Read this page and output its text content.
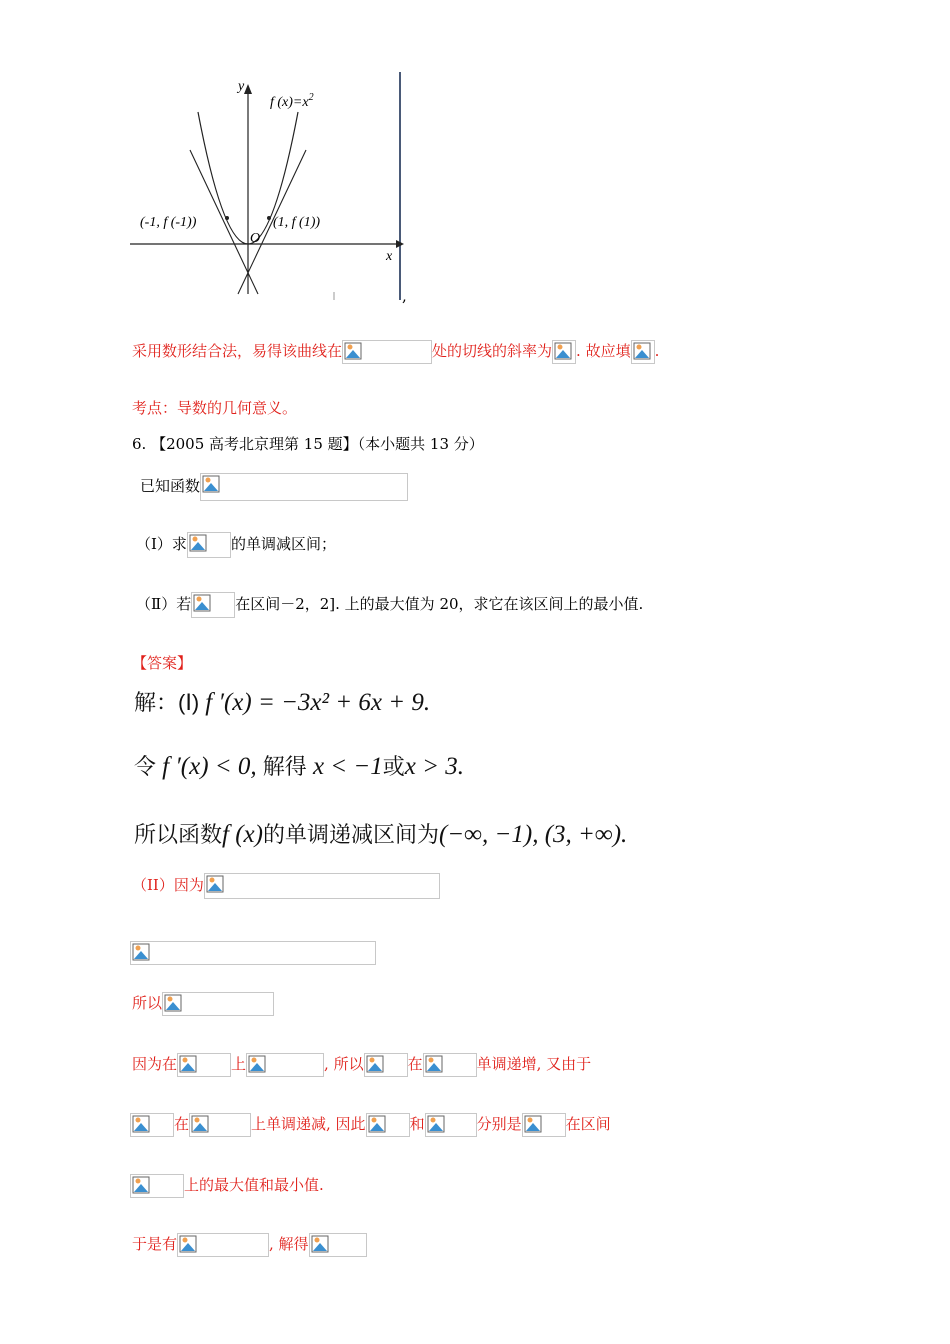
y
x
O
f $(x)=x^2$
(-1, f (-1))	(1, f (1))
,
采用数形结合法，易得该曲线在	处的切线的斜率为 . 故应填 .
考点：导数的几何意义。
6. 【2005 高考北京理第 15 题】（本小题共 13 分）
已知函数
（Ⅰ）求	的单调减区间；
（Ⅱ）若	在区间－2，2]. 上的最大值为 20，求它在该区间上的最小值.
【答案】
解：(Ⅰ) f ′(x) = −3x² + 6x + 9.
令 f ′(x) < 0, 解得 x < −1或x > 3.
所以函数f (x)的单调递减区间为(−∞, −1), (3, +∞).
（II）因为
所以
因为在	上	, 所以	在	单调递增, 又由于
在	上单调递减, 因此	和	分别是	在区间
上的最大值和最小值.
于是有	, 解得
